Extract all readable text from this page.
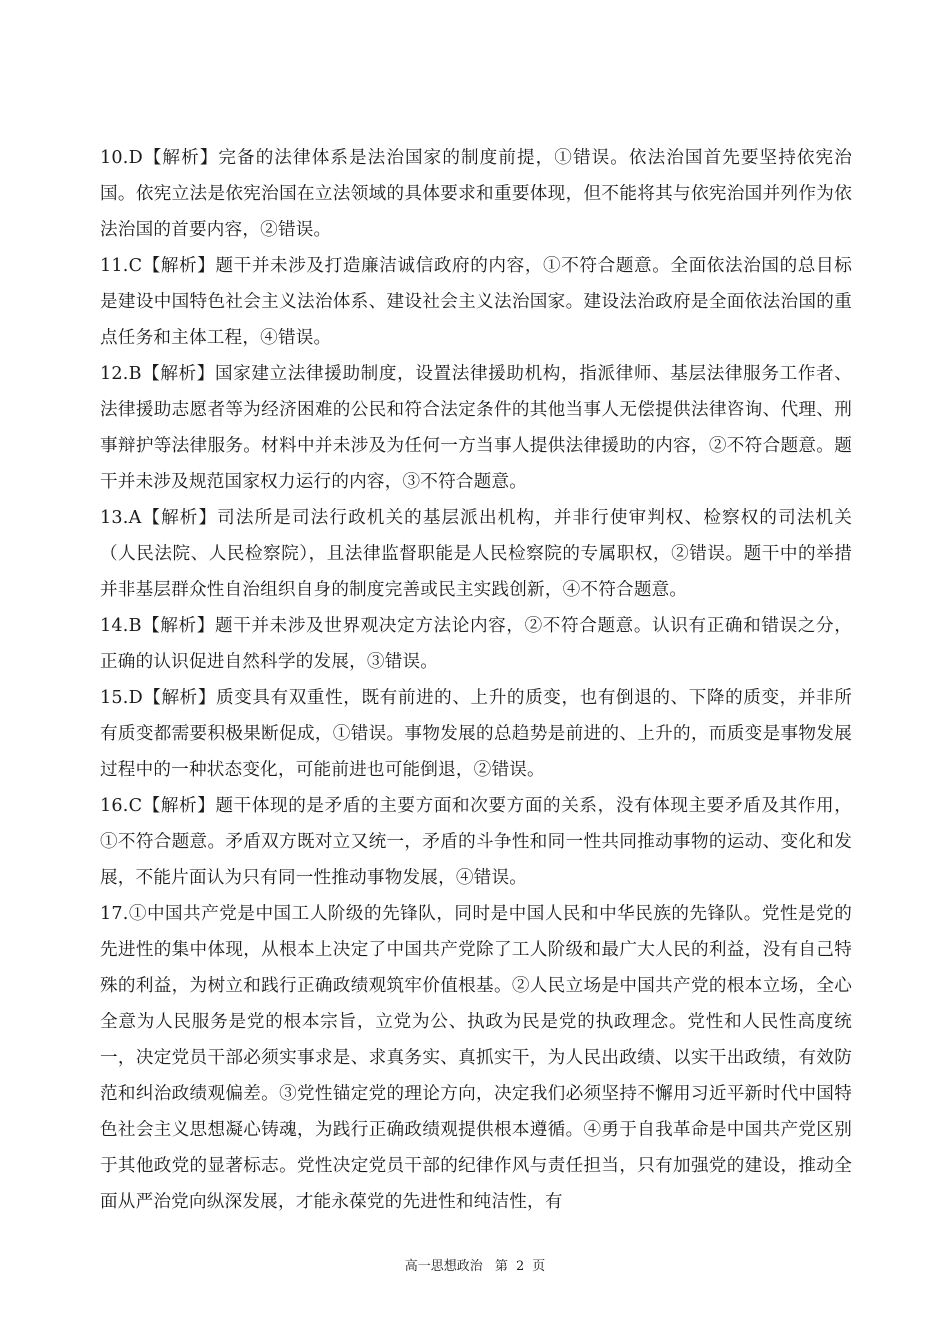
10.D【解析】完备的法律体系是法治国家的制度前提，①错误。依法治国首先要坚持依宪治国。依宪立法是依宪治国在立法领域的具体要求和重要体现，但不能将其与依宪治国并列作为依法治国的首要内容，②错误。

11.C【解析】题干并未涉及打造廉洁诚信政府的内容，①不符合题意。全面依法治国的总目标是建设中国特色社会主义法治体系、建设社会主义法治国家。建设法治政府是全面依法治国的重点任务和主体工程，④错误。

12.B【解析】国家建立法律援助制度，设置法律援助机构，指派律师、基层法律服务工作者、法律援助志愿者等为经济困难的公民和符合法定条件的其他当事人无偿提供法律咨询、代理、刑事辩护等法律服务。材料中并未涉及为任何一方当事人提供法律援助的内容，②不符合题意。题干并未涉及规范国家权力运行的内容，③不符合题意。

13.A【解析】司法所是司法行政机关的基层派出机构，并非行使审判权、检察权的司法机关（人民法院、人民检察院），且法律监督职能是人民检察院的专属职权，②错误。题干中的举措并非基层群众性自治组织自身的制度完善或民主实践创新，④不符合题意。

14.B【解析】题干并未涉及世界观决定方法论内容，②不符合题意。认识有正确和错误之分，正确的认识促进自然科学的发展，③错误。

15.D【解析】质变具有双重性，既有前进的、上升的质变，也有倒退的、下降的质变，并非所有质变都需要积极果断促成，①错误。事物发展的总趋势是前进的、上升的，而质变是事物发展过程中的一种状态变化，可能前进也可能倒退，②错误。

16.C【解析】题干体现的是矛盾的主要方面和次要方面的关系，没有体现主要矛盾及其作用，①不符合题意。矛盾双方既对立又统一，矛盾的斗争性和同一性共同推动事物的运动、变化和发展，不能片面认为只有同一性推动事物发展，④错误。

17.①中国共产党是中国工人阶级的先锋队，同时是中国人民和中华民族的先锋队。党性是党的先进性的集中体现，从根本上决定了中国共产党除了工人阶级和最广大人民的利益，没有自己特殊的利益，为树立和践行正确政绩观筑牢价值根基。②人民立场是中国共产党的根本立场，全心全意为人民服务是党的根本宗旨，立党为公、执政为民是党的执政理念。党性和人民性高度统一，决定党员干部必须实事求是、求真务实、真抓实干，为人民出政绩、以实干出政绩，有效防范和纠治政绩观偏差。③党性锚定党的理论方向，决定我们必须坚持不懈用习近平新时代中国特色社会主义思想凝心铸魂，为践行正确政绩观提供根本遵循。④勇于自我革命是中国共产党区别于其他政党的显著标志。党性决定党员干部的纪律作风与责任担当，只有加强党的建设，推动全面从严治党向纵深发展，才能永葆党的先进性和纯洁性，有

高一思想政治 第 2 页
